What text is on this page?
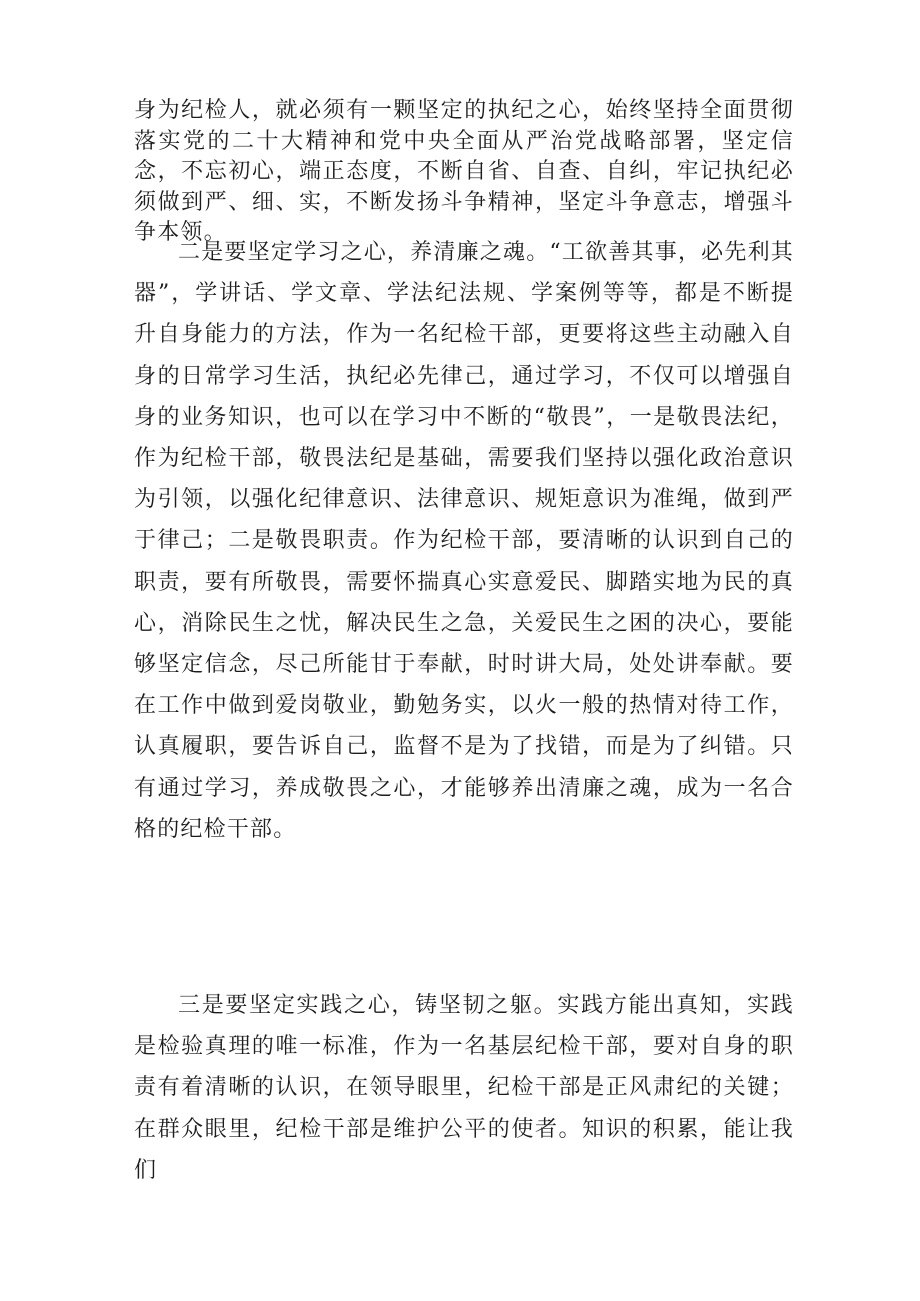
身为纪检人，就必须有一颗坚定的执纪之心，始终坚持全面贯彻落实党的二十大精神和党中央全面从严治党战略部署，坚定信念，不忘初心，端正态度，不断自省、自查、自纠，牢记执纪必须做到严、细、实，不断发扬斗争精神，坚定斗争意志，增强斗争本领。

二是要坚定学习之心，养清廉之魂。“工欲善其事，必先利其器”，学讲话、学文章、学法纪法规、学案例等等，都是不断提升自身能力的方法，作为一名纪检干部，更要将这些主动融入自身的日常学习生活，执纪必先律己，通过学习，不仅可以增强自身的业务知识，也可以在学习中不断的“敬畏”，一是敬畏法纪，作为纪检干部，敬畏法纪是基础，需要我们坚持以强化政治意识为引领，以强化纪律意识、法律意识、规矩意识为准绳，做到严于律己；二是敬畏职责。作为纪检干部，要清晰的认识到自己的职责，要有所敬畏，需要怀揣真心实意爱民、脚踏实地为民的真心，消除民生之忧，解决民生之急，关爱民生之困的决心，要能够坚定信念，尽己所能甘于奉献，时时讲大局，处处讲奉献。要在工作中做到爱岗敬业，勤勉务实，以火一般的热情对待工作，认真履职，要告诉自己，监督不是为了找错，而是为了纠错。只有通过学习，养成敬畏之心，才能够养出清廉之魂，成为一名合格的纪检干部。

三是要坚定实践之心，铸坚韧之躯。实践方能出真知，实践是检验真理的唯一标准，作为一名基层纪检干部，要对自身的职责有着清晰的认识，在领导眼里，纪检干部是正风肃纪的关键；在群众眼里，纪检干部是维护公平的使者。知识的积累，能让我们
